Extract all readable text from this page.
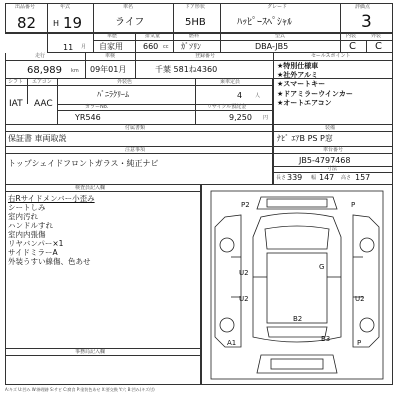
出品番号
82
年式
H 19
車名
ライフ
ドア形状
5HB
グレード
ﾊｯﾋﾟｰｽﾍﾟｼｬﾙ
評価点
3
11 月
車歴
自家用
排気量
660 cc
燃料
ｶﾞｿﾘﾝ
型式
DBA-JB5
内装	外装
C C
走行
68,989 km
車検
09年01月
登録番号
千葉 581ね4360
セールスポイント
シフト エアコン
IAT AAC
外装色
ﾊﾞﾆﾗｸﾘｰﾑ
乗車定員
4	人
カラーNo.
YR546
リサイクル預託金
9,250 円
★特別仕様車
★社外アルミ
★スマートキー
★ドアミラーウインカー
★オートエアコン
付属書類
保証書 車両取説
装備
ﾅﾋﾞ ｴｱB PS P窓
注意事項
トップシェイドフロントガラス・純正ナビ
車台番号
JB5-4797468
寸法
長さ 339 幅 147 高さ 157
検査員記入欄
右Rサイドメンバー小歪み
シートしみ
室内汚れ
ハンドルすれ
室内内張傷
リヤバンパー×1
サイドミラーA
外装うすい線傷、色あせ
事務局記入欄
P2	P
G
U2
U2	U2
B2
B3
A1	P
A:キズ U:凹み W:修理跡 S:サビ C:腐食 P:塗装色あせ X:要交換 Y:穴 B:凹み(キズ付)
